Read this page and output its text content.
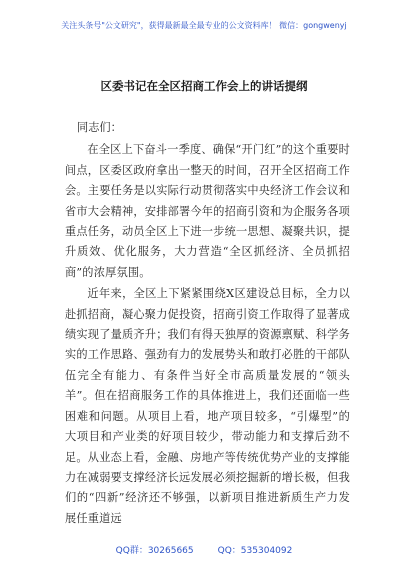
关注头条号"公文研究"，获得最新最全最专业的公文资料库！ 微信：gongwenyj
区委书记在全区招商工作会上的讲话提纲

同志们：

在全区上下奋斗一季度、确保“开门红”的这个重要时间点，区委区政府拿出一整天的时间，召开全区招商工作会。主要任务是以实际行动贯彻落实中央经济工作会议和省市大会精神，安排部署今年的招商引资和为企服务各项重点任务，动员全区上下进一步统一思想、凝聚共识，提升质效、优化服务，大力营造“全区抓经济、全员抓招商”的浓厚氛围。

近年来，全区上下紧紧围绕X区建设总目标，全力以赴抓招商，凝心聚力促投资，招商引资工作取得了显著成绩实现了量质齐升；我们有得天独厚的资源禀赋、科学务实的工作思路、强劲有力的发展势头和敢打必胜的干部队伍完全有能力、有条件当好全市高质量发展的“领头羊”。但在招商服务工作的具体推进上，我们还面临一些困难和问题。从项目上看，地产项目较多，“引爆型”的大项目和产业类的好项目较少，带动能力和支撑后劲不足。从业态上看，金融、房地产等传统优势产业的支撑能力在减弱要支撑经济长远发展必须挖掘新的增长极，但我们的“四新”经济还不够强，以新项目推进新质生产力发展任重道远

QQ群：30265665	QQ：535304092
